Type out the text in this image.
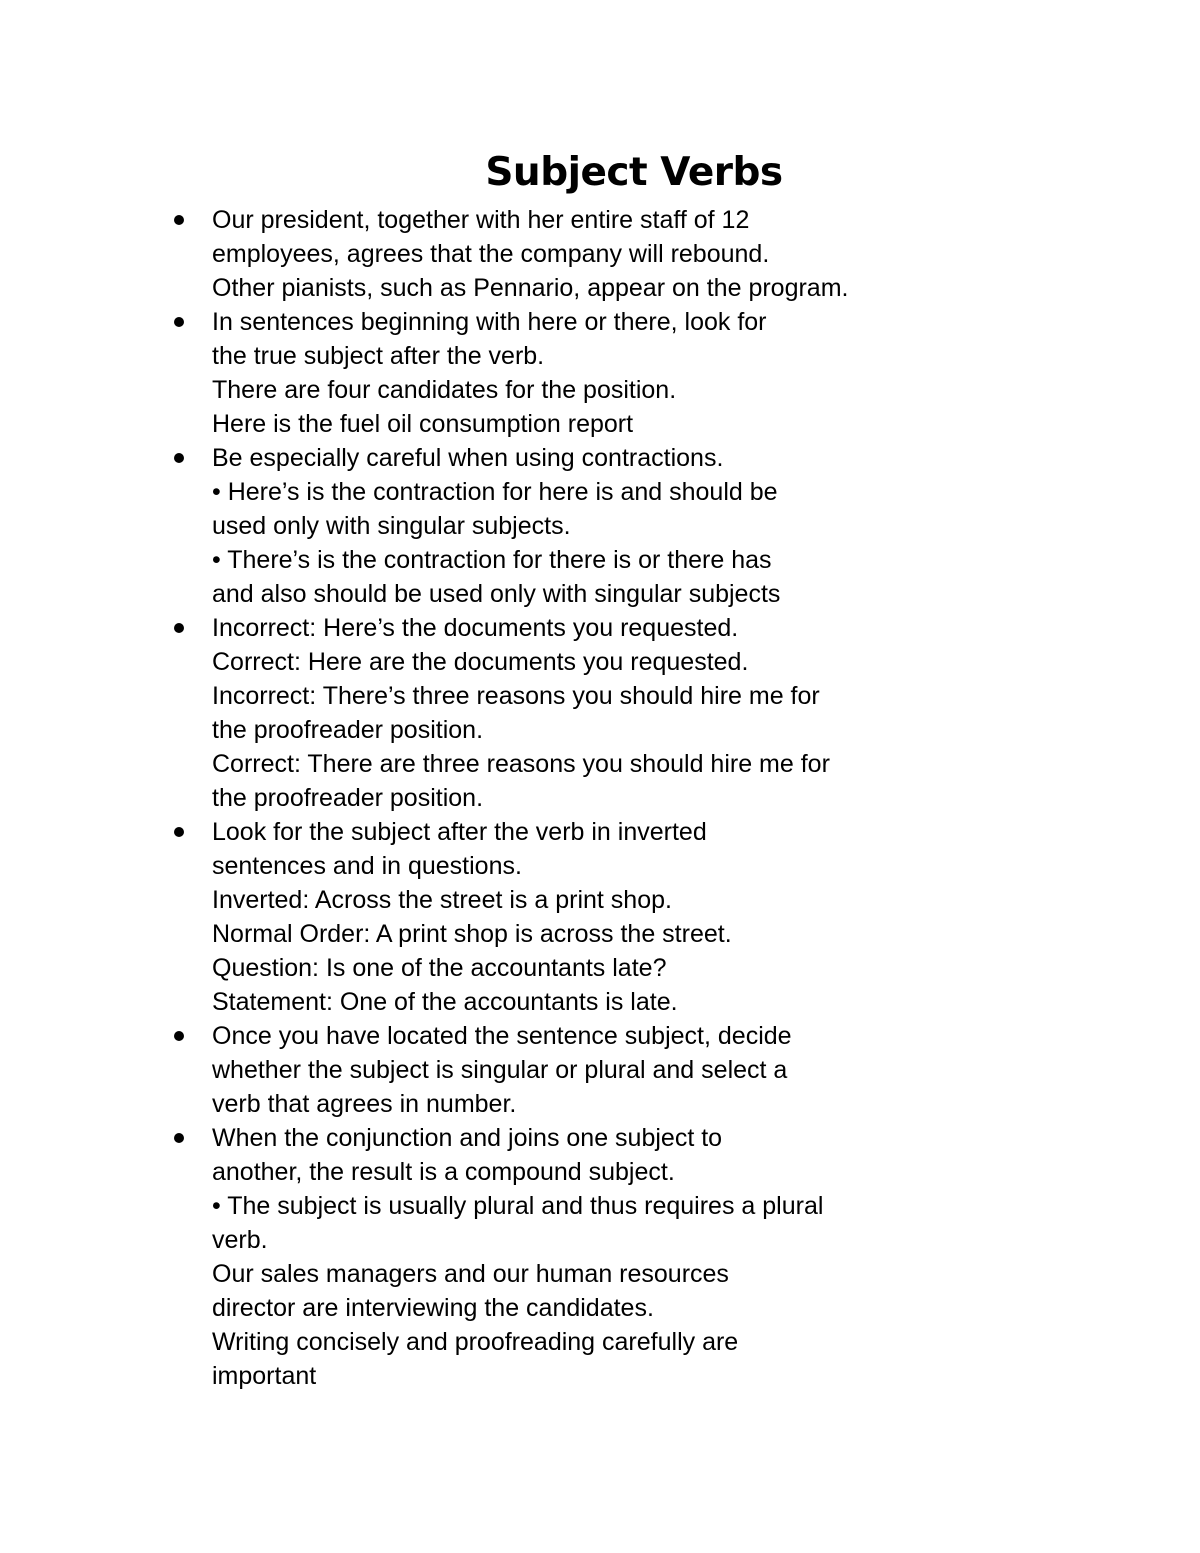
Subject Verbs
Our president, together with her entire staff of 12
employees, agrees that the company will rebound.
Other pianists, such as Pennario, appear on the program.
In sentences beginning with here or there, look for
the true subject after the verb.
There are four candidates for the position.
Here is the fuel oil consumption report
Be especially careful when using contractions.
• Here’s is the contraction for here is and should be
used only with singular subjects.
• There’s is the contraction for there is or there has
and also should be used only with singular subjects
Incorrect: Here’s the documents you requested.
Correct: Here are the documents you requested.
Incorrect: There’s three reasons you should hire me for
the proofreader position.
Correct: There are three reasons you should hire me for
the proofreader position.
Look for the subject after the verb in inverted
sentences and in questions.
Inverted: Across the street is a print shop.
Normal Order: A print shop is across the street.
Question: Is one of the accountants late?
Statement: One of the accountants is late.
Once you have located the sentence subject, decide
whether the subject is singular or plural and select a
verb that agrees in number.
When the conjunction and joins one subject to
another, the result is a compound subject.
• The subject is usually plural and thus requires a plural
verb.
Our sales managers and our human resources
director are interviewing the candidates.
Writing concisely and proofreading carefully are
important
